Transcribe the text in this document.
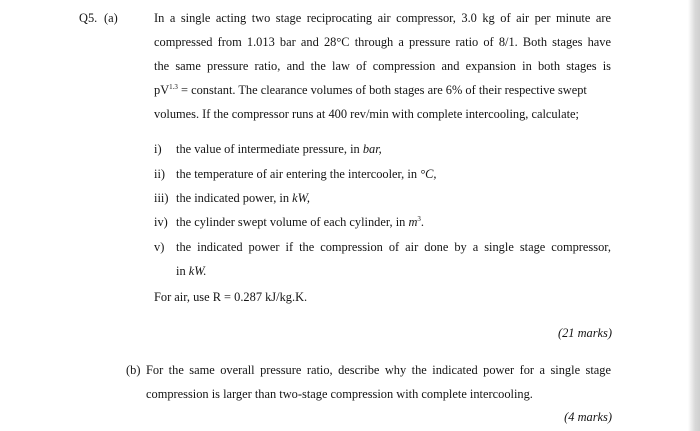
Q5. (a)	In a single acting two stage reciprocating air compressor, 3.0 kg of air per minute are
compressed from 1.013 bar and 28°C through a pressure ratio of 8/1. Both stages have
the same pressure ratio, and the law of compression and expansion in both stages is
$pV^{1.3}$ = constant. The clearance volumes of both stages are 6% of their respective swept
volumes. If the compressor runs at 400 rev/min with complete intercooling, calculate;
i) the value of intermediate pressure, in bar,
ii) the temperature of air entering the intercooler, in °C,
iii) the indicated power, in kW,
iv) the cylinder swept volume of each cylinder, in $m^3$.
v) the indicated power if the compression of air done by a single stage compressor,
in kW.
For air, use R = 0.287 kJ/kg.K.
(21 marks)
(b) For the same overall pressure ratio, describe why the indicated power for a single stage
compression is larger than two-stage compression with complete intercooling.
(4 marks)
